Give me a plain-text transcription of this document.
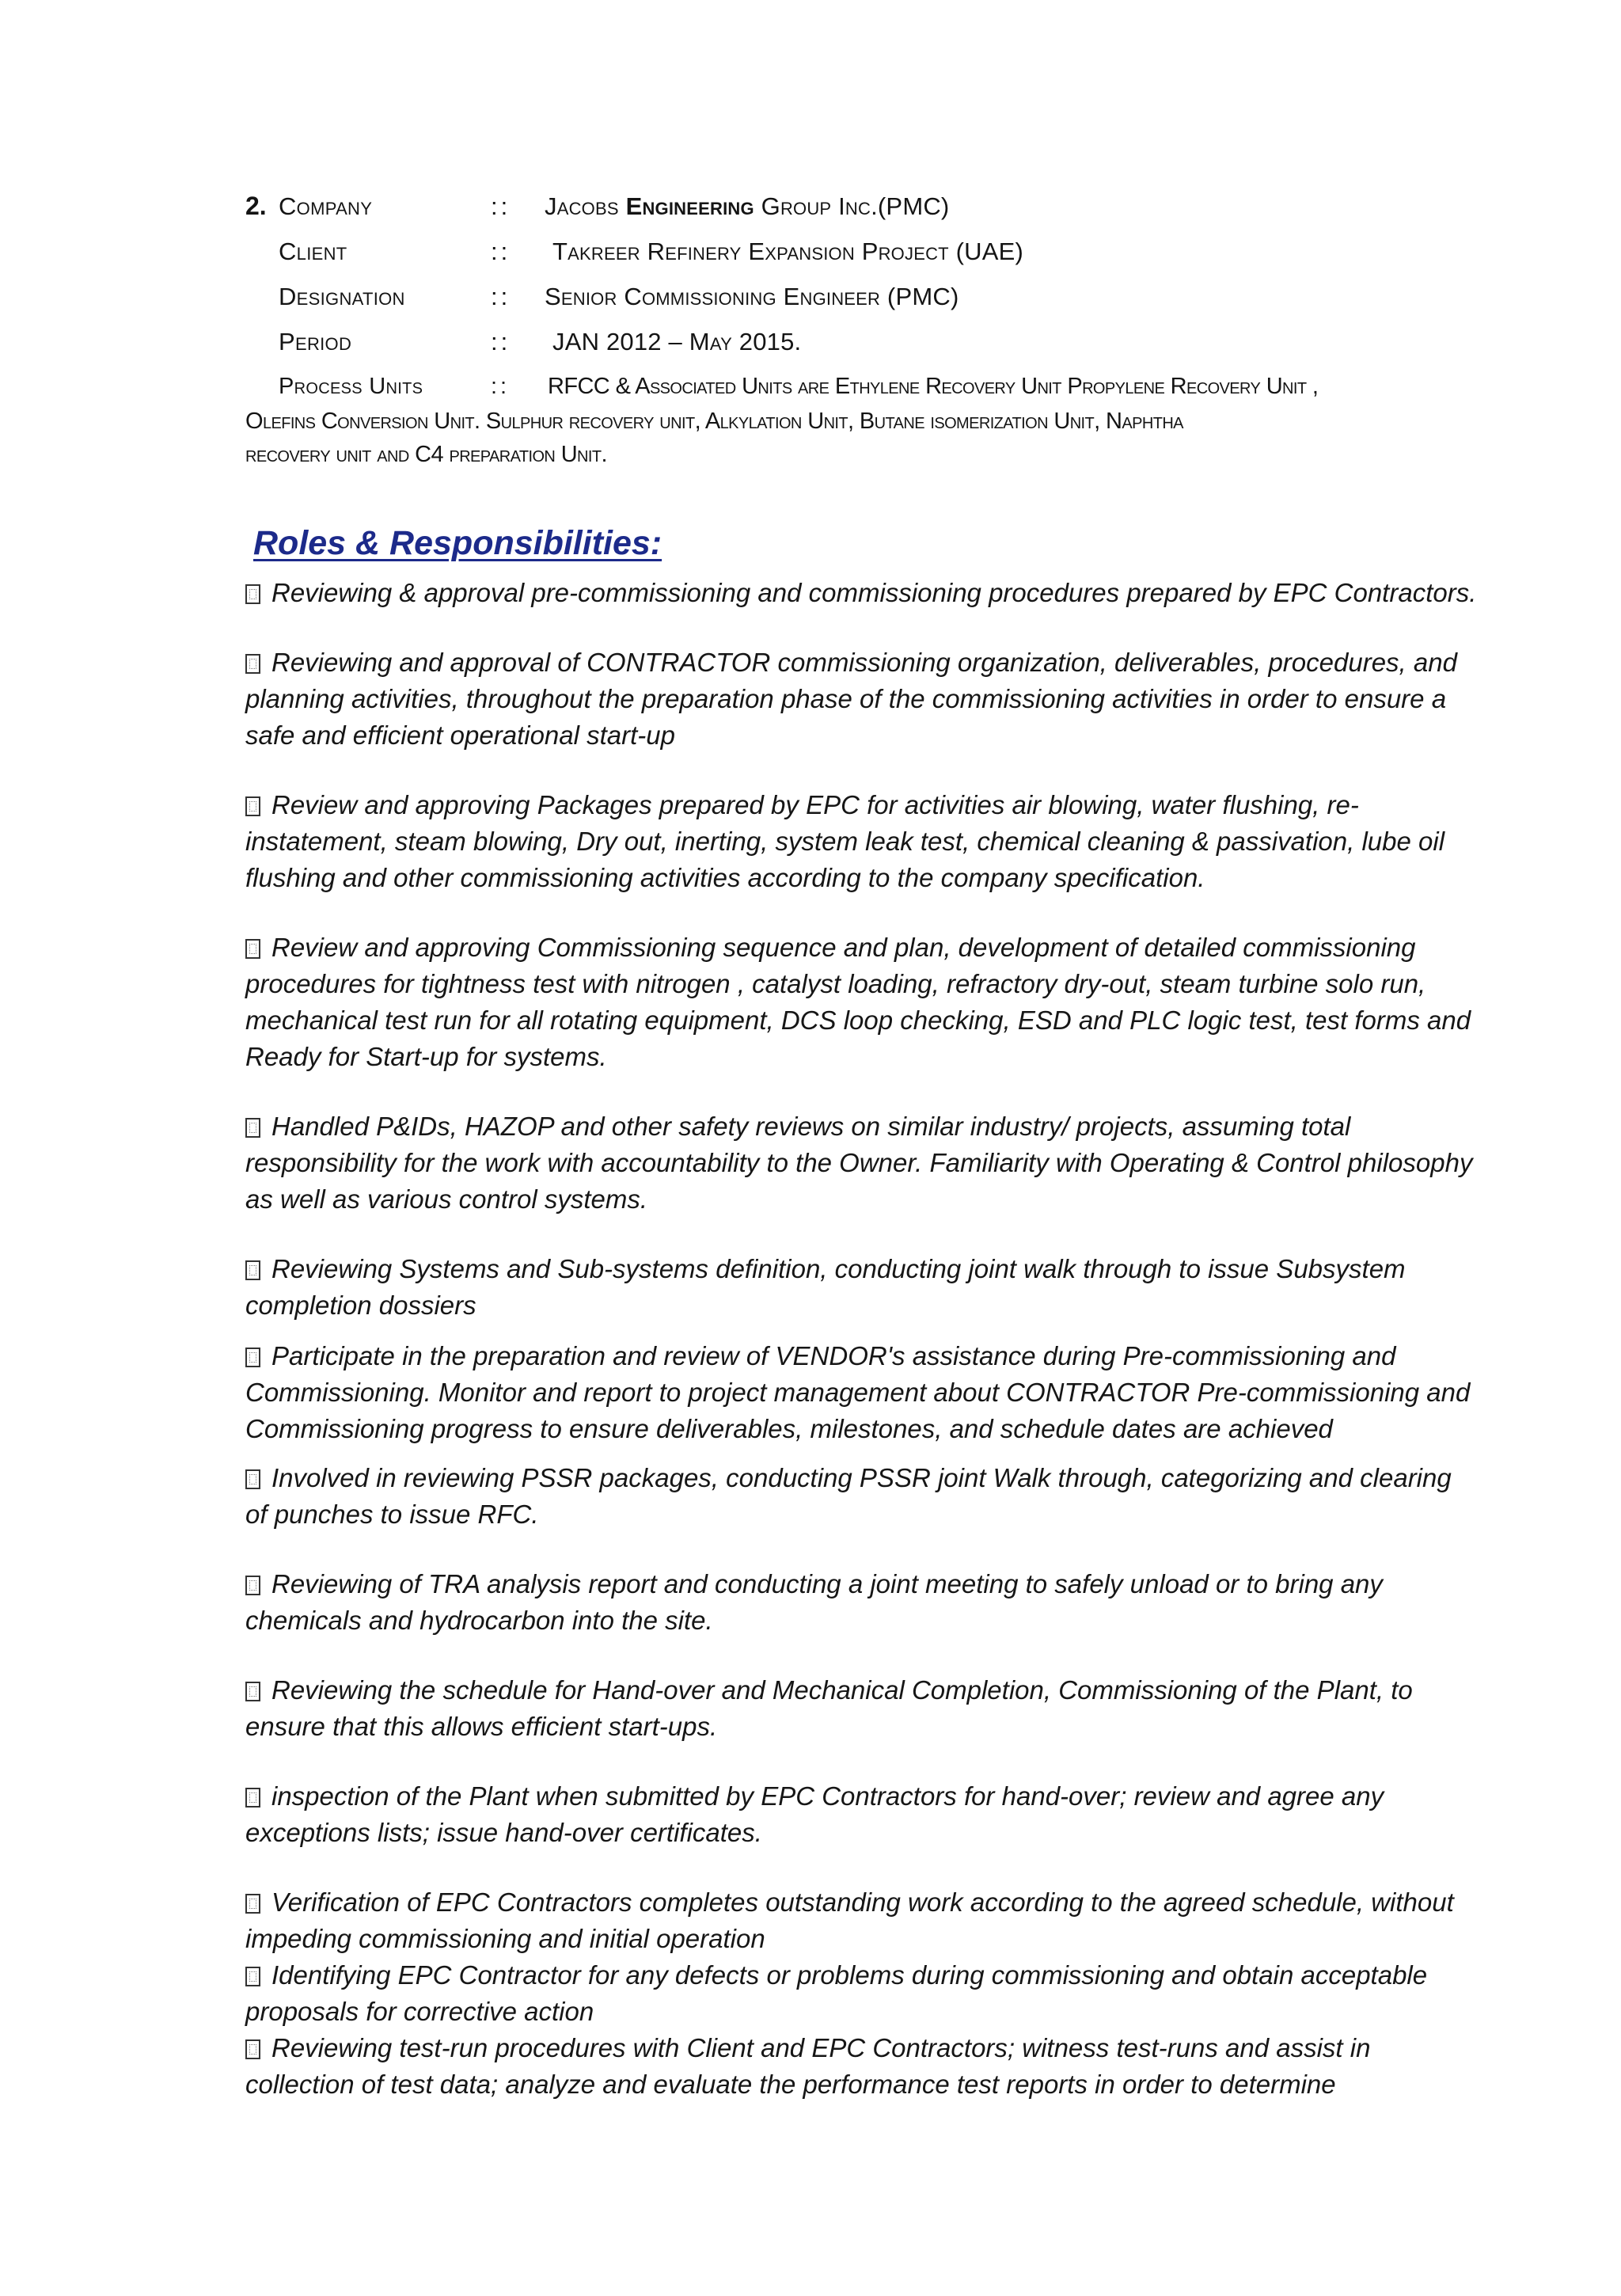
2. Company	:: Jacobs Engineering Group Inc.(PMC)
Client	:: Takreer Refinery Expansion Project (UAE)
Designation	:: Senior Commissioning Engineer (PMC)
Period	:: JAN 2012 – May 2015.
Process Units	:: RFCC & Associated Units are Ethylene Recovery Unit Propylene Recovery Unit ,
Olefins Conversion Unit. Sulphur recovery unit, Alkylation Unit, Butane isomerization Unit, Naphtha
recovery unit and C4 preparation Unit.
Roles & Responsibilities:
Reviewing & approval pre-commissioning and commissioning procedures prepared by EPC Contractors.
Reviewing and approval of CONTRACTOR commissioning organization, deliverables, procedures, and planning activities, throughout the preparation phase of the commissioning activities in order to ensure a safe and efficient operational start-up
Review and approving Packages prepared by EPC for activities air blowing, water flushing, re-instatement, steam blowing, Dry out, inerting, system leak test, chemical cleaning & passivation, lube oil flushing and other commissioning activities according to the company specification.
Review and approving Commissioning sequence and plan, development of detailed commissioning procedures for tightness test with nitrogen , catalyst loading, refractory dry-out, steam turbine solo run, mechanical test run for all rotating equipment, DCS loop checking, ESD and PLC logic test, test forms and Ready for Start-up for systems.
Handled P&IDs, HAZOP and other safety reviews on similar industry/ projects, assuming total responsibility for the work with accountability to the Owner. Familiarity with Operating & Control philosophy as well as various control systems.
Reviewing Systems and Sub-systems definition, conducting joint walk through to issue Subsystem completion dossiers
Participate in the preparation and review of VENDOR's assistance during Pre-commissioning and Commissioning. Monitor and report to project management about CONTRACTOR Pre-commissioning and Commissioning progress to ensure deliverables, milestones, and schedule dates are achieved
Involved in reviewing PSSR packages, conducting PSSR joint Walk through, categorizing and clearing of punches to issue RFC.
Reviewing of TRA analysis report and conducting a joint meeting to safely unload or to bring any chemicals and hydrocarbon into the site.
Reviewing the schedule for Hand-over and Mechanical Completion, Commissioning of the Plant, to ensure that this allows efficient start-ups.
inspection of the Plant when submitted by EPC Contractors for hand-over; review and agree any exceptions lists; issue hand-over certificates.
Verification of EPC Contractors completes outstanding work according to the agreed schedule, without impeding commissioning and initial operation
Identifying EPC Contractor for any defects or problems during commissioning and obtain acceptable proposals for corrective action
Reviewing test-run procedures with Client and EPC Contractors; witness test-runs and assist in collection of test data; analyze and evaluate the performance test reports in order to determine
